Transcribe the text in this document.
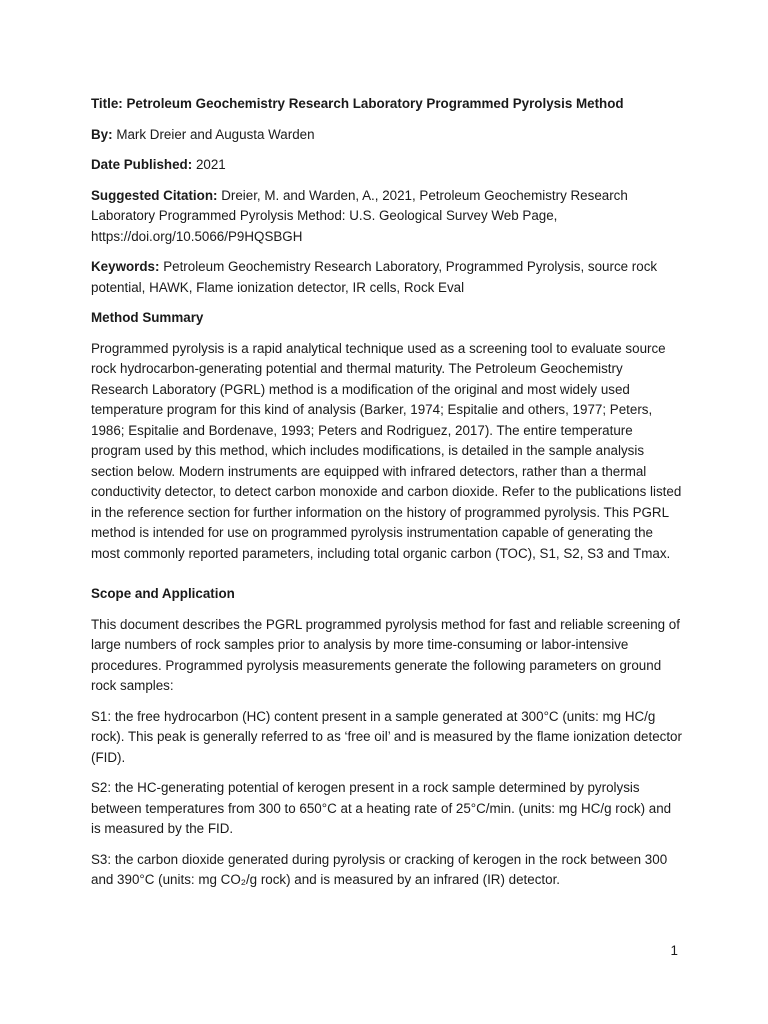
Title: Petroleum Geochemistry Research Laboratory Programmed Pyrolysis Method

By: Mark Dreier and Augusta Warden

Date Published: 2021

Suggested Citation: Dreier, M. and Warden, A., 2021, Petroleum Geochemistry Research Laboratory Programmed Pyrolysis Method: U.S. Geological Survey Web Page, https://doi.org/10.5066/P9HQSBGH

Keywords: Petroleum Geochemistry Research Laboratory, Programmed Pyrolysis, source rock potential, HAWK, Flame ionization detector, IR cells, Rock Eval

Method Summary

Programmed pyrolysis is a rapid analytical technique used as a screening tool to evaluate source rock hydrocarbon-generating potential and thermal maturity. The Petroleum Geochemistry Research Laboratory (PGRL) method is a modification of the original and most widely used temperature program for this kind of analysis (Barker, 1974; Espitalie and others, 1977; Peters, 1986; Espitalie and Bordenave, 1993; Peters and Rodriguez, 2017). The entire temperature program used by this method, which includes modifications, is detailed in the sample analysis section below. Modern instruments are equipped with infrared detectors, rather than a thermal conductivity detector, to detect carbon monoxide and carbon dioxide. Refer to the publications listed in the reference section for further information on the history of programmed pyrolysis. This PGRL method is intended for use on programmed pyrolysis instrumentation capable of generating the most commonly reported parameters, including total organic carbon (TOC), S1, S2, S3 and Tmax.

Scope and Application

This document describes the PGRL programmed pyrolysis method for fast and reliable screening of large numbers of rock samples prior to analysis by more time-consuming or labor-intensive procedures. Programmed pyrolysis measurements generate the following parameters on ground rock samples:

S1: the free hydrocarbon (HC) content present in a sample generated at 300°C (units: mg HC/g rock). This peak is generally referred to as ‘free oil’ and is measured by the flame ionization detector (FID).

S2: the HC-generating potential of kerogen present in a rock sample determined by pyrolysis between temperatures from 300 to 650°C at a heating rate of 25°C/min. (units: mg HC/g rock) and is measured by the FID.

S3: the carbon dioxide generated during pyrolysis or cracking of kerogen in the rock between 300 and 390°C (units: mg CO₂/g rock) and is measured by an infrared (IR) detector.

1
